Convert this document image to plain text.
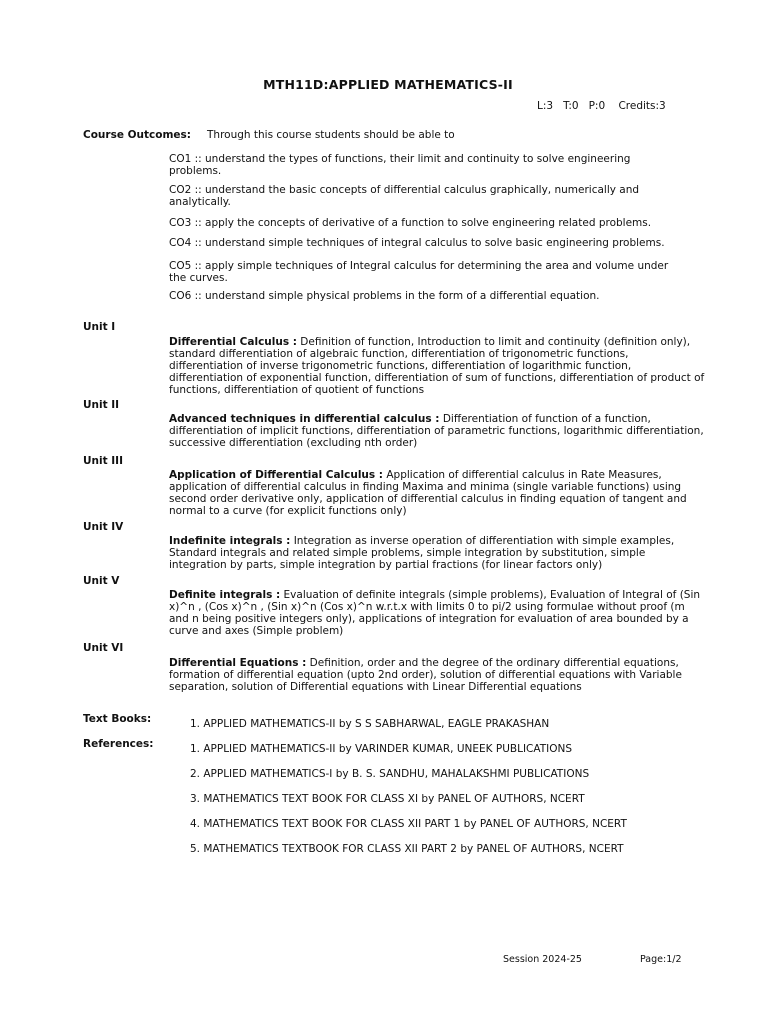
MTH11D:APPLIED MATHEMATICS-II
L:3   T:0   P:0    Credits:3
Course Outcomes: Through this course students should be able to
CO1 :: understand the types of functions, their limit and continuity to solve engineering problems.
CO2 :: understand the basic concepts of differential calculus graphically, numerically and analytically.
CO3 :: apply the concepts of derivative of a function to solve engineering related problems.
CO4 :: understand simple techniques of integral calculus to solve basic engineering problems.
CO5 :: apply simple techniques of Integral calculus for determining the area and volume under the curves.
CO6 :: understand simple physical problems in the form of a differential equation.
Unit I
Differential Calculus : Definition of function, Introduction to limit and continuity (definition only), standard differentiation of algebraic function, differentiation of trigonometric functions, differentiation of inverse trigonometric functions, differentiation of logarithmic function, differentiation of exponential function, differentiation of sum of functions, differentiation of product of functions, differentiation of quotient of functions
Unit II
Advanced techniques in differential calculus : Differentiation of function of a function, differentiation of implicit functions, differentiation of parametric functions, logarithmic differentiation, successive differentiation (excluding nth order)
Unit III
Application of Differential Calculus : Application of differential calculus in Rate Measures, application of differential calculus in finding Maxima and minima (single variable functions) using second order derivative only, application of differential calculus in finding equation of tangent and normal to a curve (for explicit functions only)
Unit IV
Indefinite integrals : Integration as inverse operation of differentiation with simple examples, Standard integrals and related simple problems, simple integration by substitution, simple integration by parts, simple integration by partial fractions (for linear factors only)
Unit V
Definite integrals : Evaluation of definite integrals (simple problems), Evaluation of Integral of (Sin x)^n , (Cos x)^n , (Sin x)^n (Cos x)^n w.r.t.x with limits 0 to pi/2 using formulae without proof (m and n being positive integers only), applications of integration for evaluation of area bounded by a curve and axes (Simple problem)
Unit VI
Differential Equations : Definition, order and the degree of the ordinary differential equations, formation of differential equation (upto 2nd order), solution of differential equations with Variable separation, solution of Differential equations with Linear Differential equations
Text Books:	1. APPLIED MATHEMATICS-II by S S SABHARWAL, EAGLE PRAKASHAN
References:	1. APPLIED MATHEMATICS-II by VARINDER KUMAR, UNEEK PUBLICATIONS
2. APPLIED MATHEMATICS-I by B. S. SANDHU, MAHALAKSHMI PUBLICATIONS
3. MATHEMATICS TEXT BOOK FOR CLASS XI by PANEL OF AUTHORS, NCERT
4. MATHEMATICS TEXT BOOK FOR CLASS XII PART 1 by PANEL OF AUTHORS, NCERT
5. MATHEMATICS TEXTBOOK FOR CLASS XII PART 2 by PANEL OF AUTHORS, NCERT
Session 2024-25	Page:1/2
